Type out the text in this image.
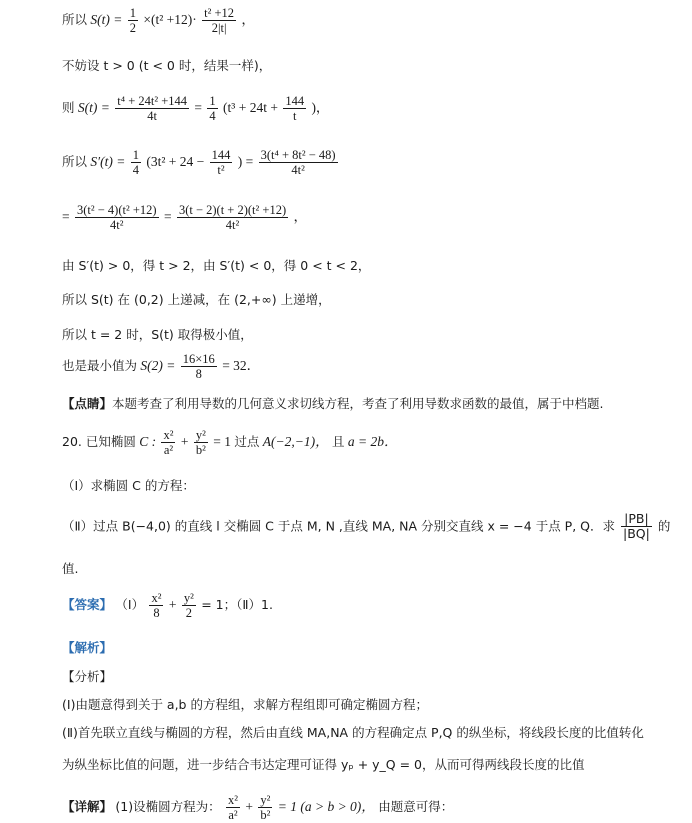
所以 $S(t) = \frac{1}{2} \times(t^2 +12)\cdot \frac{\text{t² +12}}{2|t|}$ ，
不妨设 t > 0 (t < 0 时，结果一样)，
则 $S(t) = \frac{\text{t⁴ + 24t² +144}}{4t} = \frac{1}{4} (t^3 + 24t + \frac{144}{t}$ )，
所以 $S'(t) = \frac{1}{4} (3t^2 + 24 - \frac{144}{\text{t²}}$ ) = $\frac{\text{3(t⁴ + 8t² − 48)}}{\text{4t²}}$
= $\frac{\text{3(t² − 4)(t² +12)}}{\text{4t²}} = \frac{\text{3(t − 2)(t + 2)(t² +12)}}{\text{4t²}}$ ，
由 S′(t) > 0，得 t > 2，由 S′(t) < 0，得 0 < t < 2，
所以 S(t) 在 (0,2) 上递减，在 (2,+∞) 上递增，
所以 t = 2 时，S(t) 取得极小值，
也是最小值为 $S(2) = \frac{16\times 16}{8} = 32$．
【点睛】本题考查了利用导数的几何意义求切线方程，考查了利用导数求函数的最值，属于中档题.
20. 已知椭圆 C : $\frac{\text{x²}}{\text{a²}} + \frac{\text{y²}}{\text{b²}} = 1$ 过点 A(−2,−1)， 且 a = 2b．
（Ⅰ）求椭圆 C 的方程：
（Ⅱ）过点 B(−4,0) 的直线 l 交椭圆 C 于点 M, N ,直线 MA, NA 分别交直线 x = −4 于点 P, Q．求 $\frac{|PB|}{|BQ|}$ 的
值.
【答案】 （Ⅰ） $\frac{\text{x²}}{8} + \frac{\text{y²}}{2} = 1$；（Ⅱ）1.
【解析】
【分析】
(Ⅰ)由题意得到关于 a,b 的方程组，求解方程组即可确定椭圆方程；
(Ⅱ)首先联立直线与椭圆的方程，然后由直线 MA,NA 的方程确定点 P,Q 的纵坐标，将线段长度的比值转化
为纵坐标比值的问题，进一步结合韦达定理可证得 yₚ + y_Q = 0，从而可得两线段长度的比值
【详解】 (1)设椭圆方程为： $\frac{\text{x²}}{\text{a²}} + \frac{\text{y²}}{\text{b²}} = 1$ (a > b > 0)， 由题意可得：
